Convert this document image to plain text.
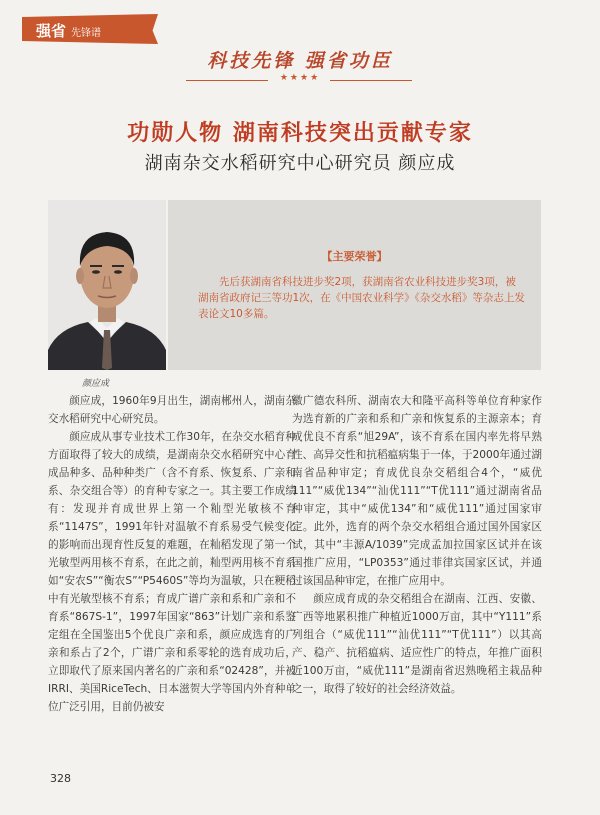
强省 先锋谱
科技先锋 强省功臣
★★★★
功勋人物 湖南科技突出贡献专家
湖南杂交水稻研究中心研究员 颜应成
颜应成
【主要荣誉】
先后获湖南省科技进步奖2项，获湖南省农业科技进步奖3项，被湖南省政府记三等功1次，在《中国农业科学》《杂交水稻》等杂志上发表论文10多篇。

颜应成，1960年9月出生，湖南郴州人，湖南杂交水稻研究中心研究员。

颜应成从事专业技术工作30年，在杂交水稻育种方面取得了较大的成绩，是湖南杂交水稻研究中心育成品种多、品种种类广（含不育系、恢复系、广亲和系、杂交组合等）的育种专家之一。其主要工作成绩有：发现并育成世界上第一个籼型光敏核不育系“1147S”，1991年针对温敏不育系易受气候变化的影响而出现育性反复的难题，在籼稻发现了第一个光敏型两用核不育系，在此之前，籼型两用核不育系如“安农S”“衡农S”“P5460S”等均为温敏，只在粳稻中有光敏型核不育系；育成广谱广亲和系和广亲和不育系“867S-1”，1997年国家“863”计划广亲和系鉴定组在全国鉴出5个优良广亲和系，颜应成选育的广亲和系占了2个，广谱广亲和系零轮的选育成功后，立即取代了原来国内著名的广亲和系“02428”，并被IRRI、美国RiceTech、日本滋贺大学等国内外育种单位广泛引用，目前仍被安

徽广德农科所、湖南农大和隆平高科等单位育种家作为选育新的广亲和系和广亲和恢复系的主源亲本；育成优良不育系“旭29A”，该不育系在国内率先将早熟性、高异交性和抗稻瘟病集于一体，于2000年通过湖南省品种审定；育成优良杂交稻组合4个，“威优111”“威优134”“汕优111”“T优111”通过湖南省品种审定，其中“威优134”和“威优111”通过国家审定。此外，选育的两个杂交水稻组合通过国外国家区试，其中“丰源A/1039”完成孟加拉国家区试并在该国推广应用，“LP0353”通过菲律宾国家区试，并通过该国品种审定，在推广应用中。

颜应成育成的杂交稻组合在湖南、江西、安徽、广西等地累积推广种植近1000万亩，其中“Y111”系列组合（“威优111”“汕优111”“T优111”）以其高产、稳产、抗稻瘟病、适应性广的特点，年推广面积近100万亩，“威优111”是湖南省迟熟晚稻主栽品种之一，取得了较好的社会经济效益。

328
